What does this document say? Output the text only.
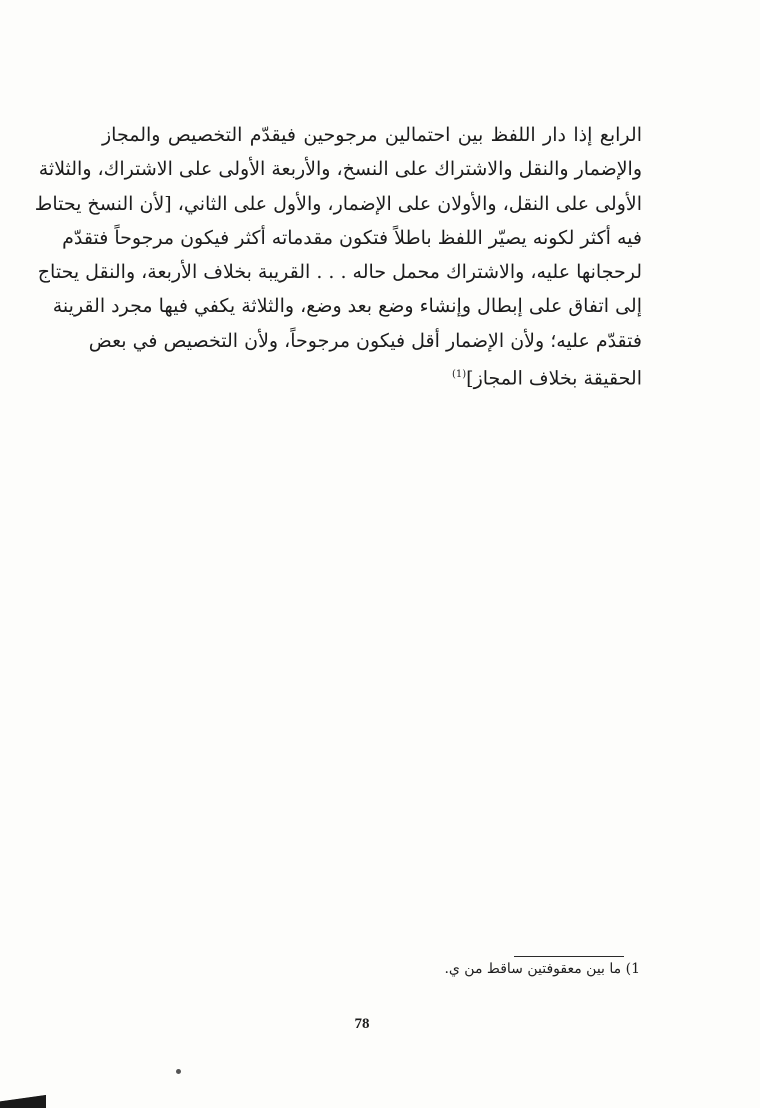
الرابع إذا دار اللفظ بين احتمالين مرجوحين فيقدّم التخصيص والمجاز
والإضمار والنقل والاشتراك على النسخ، والأربعة الأولى على الاشتراك، والثلاثة
الأولى على النقل، والأولان على الإضمار، والأول على الثاني، [لأن النسخ يحتاط
فيه أكثر لكونه يصيّر اللفظ باطلاً فتكون مقدماته أكثر فيكون مرجوحاً فتقدّم
لرحجانها عليه، والاشتراك محمل حاله . . . القريبة بخلاف الأربعة، والنقل يحتاج
إلى اتفاق على إبطال وإنشاء وضع بعد وضع، والثلاثة يكفي فيها مجرد القرينة
فتقدّم عليه؛ ولأن الإضمار أقل فيكون مرجوحاً، ولأن التخصيص في بعض
الحقيقة بخلاف المجاز]$^{(1)}$
1) ما بين معقوفتين ساقط من ي.
78
